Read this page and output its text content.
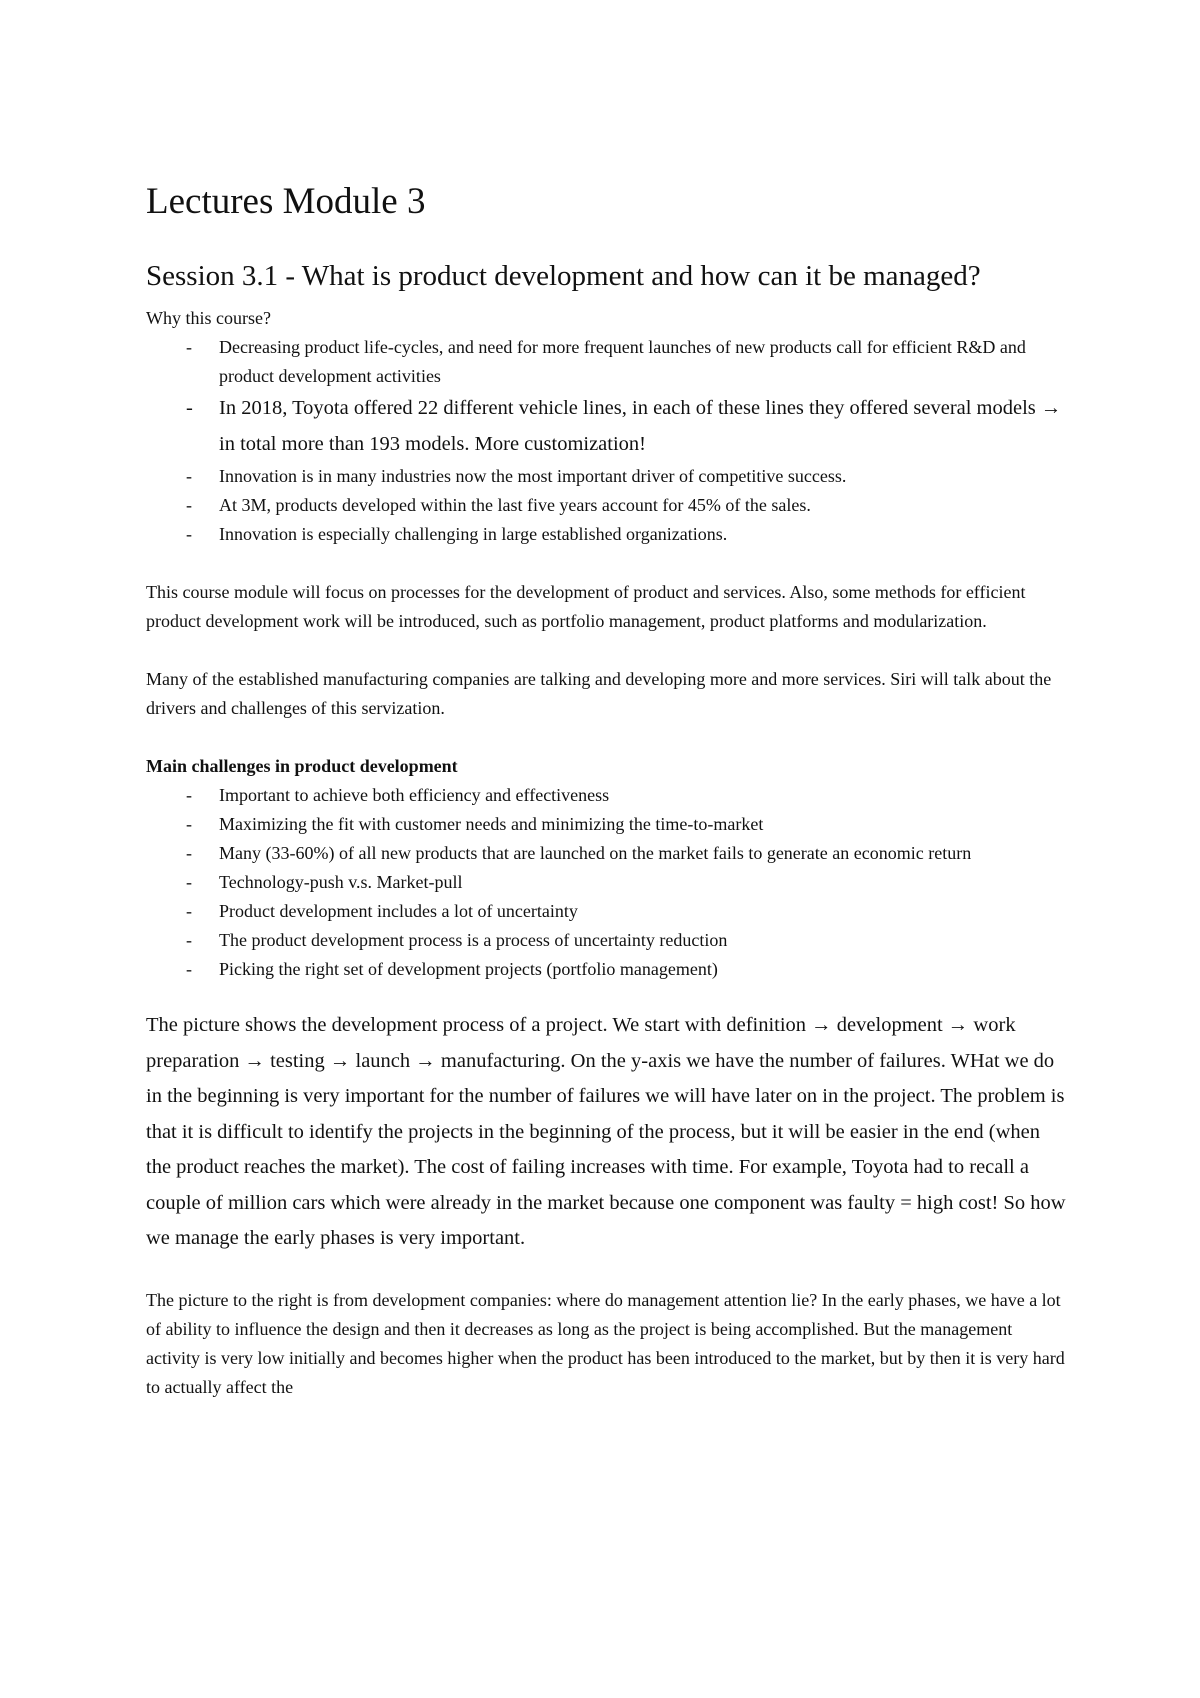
Lectures Module 3
Session 3.1 - What is product development and how can it be managed?

Why this course?

- Decreasing product life-cycles, and need for more frequent launches of new products call for efficient R&D and product development activities
- In 2018, Toyota offered 22 different vehicle lines, in each of these lines they offered several models → in total more than 193 models. More customization!
- Innovation is in many industries now the most important driver of competitive success.
- At 3M, products developed within the last five years account for 45% of the sales.
- Innovation is especially challenging in large established organizations.

This course module will focus on processes for the development of product and services. Also, some methods for efficient product development work will be introduced, such as portfolio management, product platforms and modularization.

Many of the established manufacturing companies are talking and developing more and more services. Siri will talk about the drivers and challenges of this servization.

Main challenges in product development

- Important to achieve both efficiency and effectiveness
- Maximizing the fit with customer needs and minimizing the time-to-market
- Many (33-60%) of all new products that are launched on the market fails to generate an economic return
- Technology-push v.s. Market-pull
- Product development includes a lot of uncertainty
- The product development process is a process of uncertainty reduction
- Picking the right set of development projects (portfolio management)

The picture shows the development process of a project. We start with definition → development → work preparation → testing → launch → manufacturing. On the y-axis we have the number of failures. WHat we do in the beginning is very important for the number of failures we will have later on in the project. The problem is that it is difficult to identify the projects in the beginning of the process, but it will be easier in the end (when the product reaches the market). The cost of failing increases with time. For example, Toyota had to recall a couple of million cars which were already in the market because one component was faulty = high cost! So how we manage the early phases is very important.

The picture to the right is from development companies: where do management attention lie? In the early phases, we have a lot of ability to influence the design and then it decreases as long as the project is being accomplished. But the management activity is very low initially and becomes higher when the product has been introduced to the market, but by then it is very hard to actually affect the
